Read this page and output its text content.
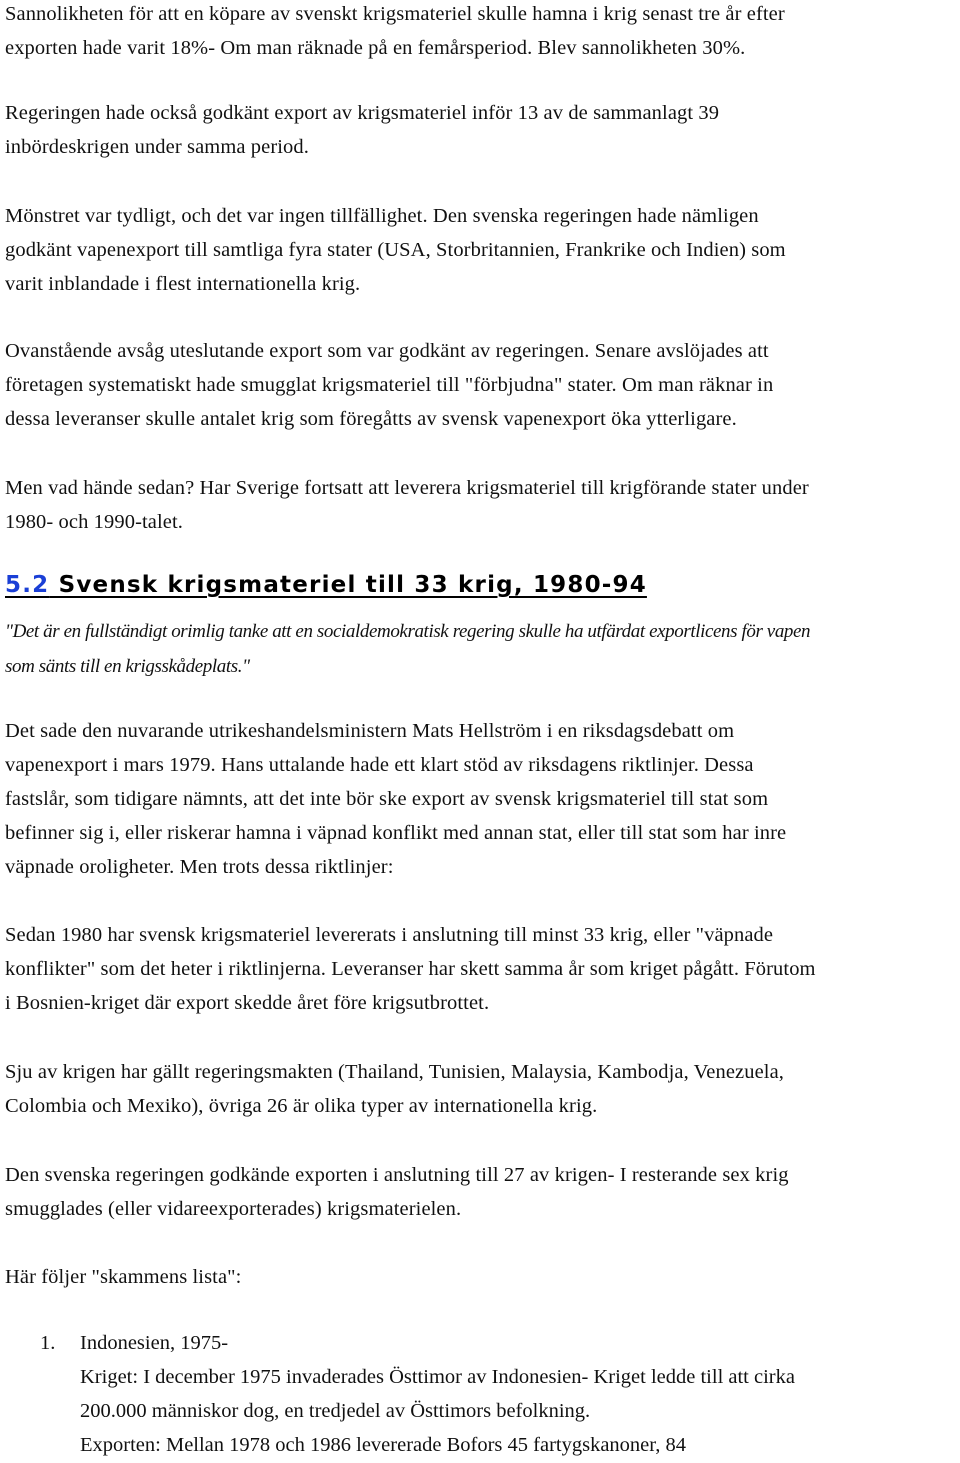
Sannolikheten för att en köpare av svenskt krigsmateriel skulle hamna i krig senast tre år efter
exporten hade varit 18%- Om man räknade på en femårsperiod. Blev sannolikheten 30%.

Regeringen hade också godkänt export av krigsmateriel inför 13 av de sammanlagt 39
inbördeskrigen under samma period.

Mönstret var tydligt, och det var ingen tillfällighet. Den svenska regeringen hade nämligen
godkänt vapenexport till samtliga fyra stater (USA, Storbritannien, Frankrike och Indien) som
varit inblandade i flest internationella krig.

Ovanstående avsåg uteslutande export som var godkänt av regeringen. Senare avslöjades att
företagen systematiskt hade smugglat krigsmateriel till "förbjudna" stater. Om man räknar in
dessa leveranser skulle antalet krig som föregåtts av svensk vapenexport öka ytterligare.

Men vad hände sedan? Har Sverige fortsatt att leverera krigsmateriel till krigförande stater under
1980- och 1990-talet.

5.2 Svensk krigsmateriel till 33 krig, 1980-94

"Det är en fullständigt orimlig tanke att en socialdemokratisk regering skulle ha utfärdat exportlicens för vapen
som sänts till en krigsskådeplats."

Det sade den nuvarande utrikeshandelsministern Mats Hellström i en riksdagsdebatt om
vapenexport i mars 1979. Hans uttalande hade ett klart stöd av riksdagens riktlinjer. Dessa
fastslår, som tidigare nämnts, att det inte bör ske export av svensk krigsmateriel till stat som
befinner sig i, eller riskerar hamna i väpnad konflikt med annan stat, eller till stat som har inre
väpnade oroligheter. Men trots dessa riktlinjer:

Sedan 1980 har svensk krigsmateriel levererats i anslutning till minst 33 krig, eller "väpnade
konflikter" som det heter i riktlinjerna. Leveranser har skett samma år som kriget pågått. Förutom
i Bosnien-kriget där export skedde året före krigsutbrottet.

Sju av krigen har gällt regeringsmakten (Thailand, Tunisien, Malaysia, Kambodja, Venezuela,
Colombia och Mexiko), övriga 26 är olika typer av internationella krig.

Den svenska regeringen godkände exporten i anslutning till 27 av krigen- I resterande sex krig
smugglades (eller vidareexporterades) krigsmaterielen.

Här följer "skammens lista":

1. Indonesien, 1975-
Kriget: I december 1975 invaderades Östtimor av Indonesien- Kriget ledde till att cirka
200.000 människor dog, en tredjedel av Östtimors befolkning.
Exporten: Mellan 1978 och 1986 levererade Bofors 45 fartygskanoner, 84
